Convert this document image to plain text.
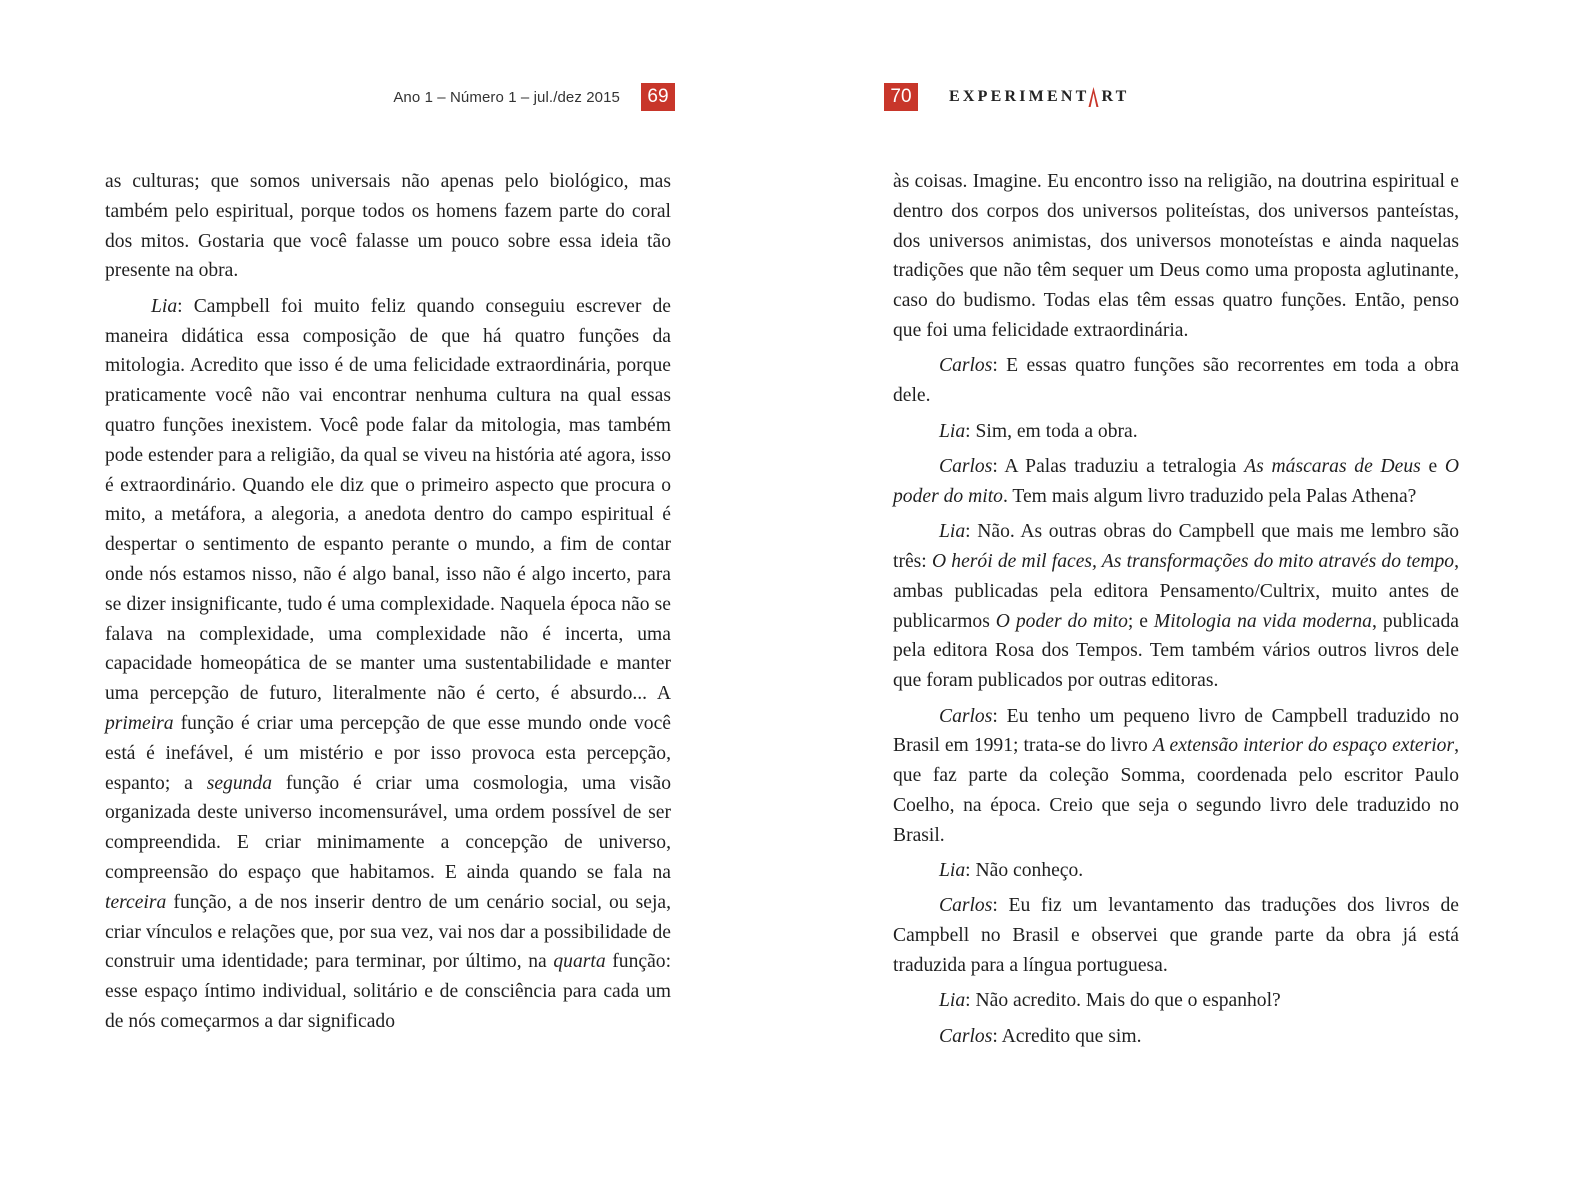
Ano 1 – Número 1 – jul./dez 2015	69

as culturas; que somos universais não apenas pelo biológico, mas também pelo espiritual, porque todos os homens fazem parte do coral dos mitos. Gostaria que você falasse um pouco sobre essa ideia tão presente na obra.

Lia: Campbell foi muito feliz quando conseguiu escrever de maneira didática essa composição de que há quatro funções da mitologia. Acredito que isso é de uma felicidade extraordinária, porque praticamente você não vai encontrar nenhuma cultura na qual essas quatro funções inexistem. Você pode falar da mitologia, mas também pode estender para a religião, da qual se viveu na história até agora, isso é extraordinário. Quando ele diz que o primeiro aspecto que procura o mito, a metáfora, a alegoria, a anedota dentro do campo espiritual é despertar o sentimento de espanto perante o mundo, a fim de contar onde nós estamos nisso, não é algo banal, isso não é algo incerto, para se dizer insignificante, tudo é uma complexidade. Naquela época não se falava na complexidade, uma complexidade não é incerta, uma capacidade homeopática de se manter uma sustentabilidade e manter uma percepção de futuro, literalmente não é certo, é absurdo... A primeira função é criar uma percepção de que esse mundo onde você está é inefável, é um mistério e por isso provoca esta percepção, espanto; a segunda função é criar uma cosmologia, uma visão organizada deste universo incomensurável, uma ordem possível de ser compreendida. E criar minimamente a concepção de universo, compreensão do espaço que habitamos. E ainda quando se fala na terceira função, a de nos inserir dentro de um cenário social, ou seja, criar vínculos e relações que, por sua vez, vai nos dar a possibilidade de construir uma identidade; para terminar, por último, na quarta função: esse espaço íntimo individual, solitário e de consciência para cada um de nós começarmos a dar significado

70	EXPERIMENT RT

às coisas. Imagine. Eu encontro isso na religião, na doutrina espiritual e dentro dos corpos dos universos politeístas, dos universos panteístas, dos universos animistas, dos universos monoteístas e ainda naquelas tradições que não têm sequer um Deus como uma proposta aglutinante, caso do budismo. Todas elas têm essas quatro funções. Então, penso que foi uma felicidade extraordinária.

Carlos: E essas quatro funções são recorrentes em toda a obra dele.

Lia: Sim, em toda a obra.

Carlos: A Palas traduziu a tetralogia As máscaras de Deus e O poder do mito. Tem mais algum livro traduzido pela Palas Athena?

Lia: Não. As outras obras do Campbell que mais me lembro são três: O herói de mil faces, As transformações do mito através do tempo, ambas publicadas pela editora Pensamento/Cultrix, muito antes de publicarmos O poder do mito; e Mitologia na vida moderna, publicada pela editora Rosa dos Tempos. Tem também vários outros livros dele que foram publicados por outras editoras.

Carlos: Eu tenho um pequeno livro de Campbell traduzido no Brasil em 1991; trata-se do livro A extensão interior do espaço exterior, que faz parte da coleção Somma, coordenada pelo escritor Paulo Coelho, na época. Creio que seja o segundo livro dele traduzido no Brasil.

Lia: Não conheço.

Carlos: Eu fiz um levantamento das traduções dos livros de Campbell no Brasil e observei que grande parte da obra já está traduzida para a língua portuguesa.

Lia: Não acredito. Mais do que o espanhol?

Carlos: Acredito que sim.
